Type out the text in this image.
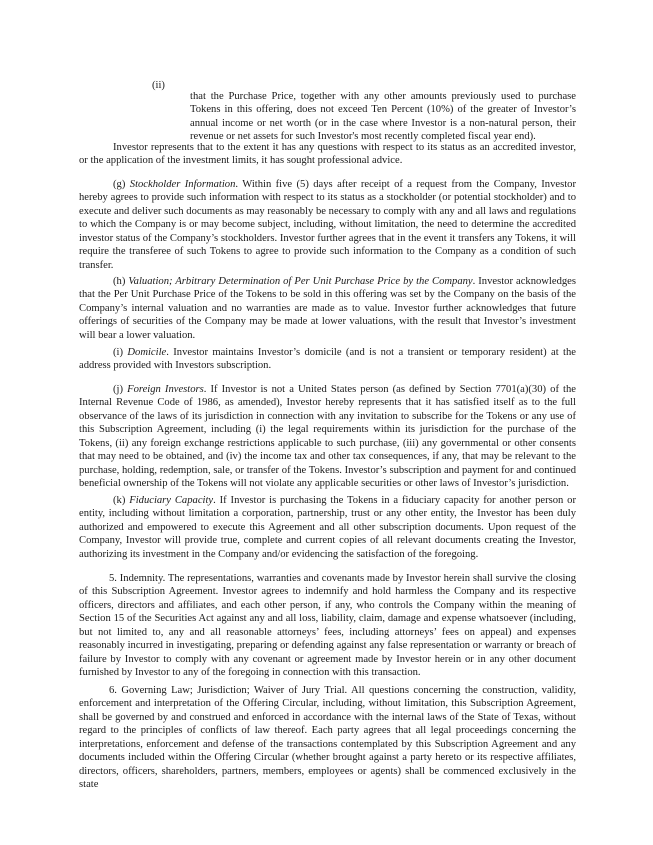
(ii)

that the Purchase Price, together with any other amounts previously used to purchase Tokens in this offering, does not exceed Ten Percent (10%) of the greater of Investor’s annual income or net worth (or in the case where Investor is a non-natural person, their revenue or net assets for such Investor's most recently completed fiscal year end).

Investor represents that to the extent it has any questions with respect to its status as an accredited investor, or the application of the investment limits, it has sought professional advice.

(g) Stockholder Information. Within five (5) days after receipt of a request from the Company, Investor hereby agrees to provide such information with respect to its status as a stockholder (or potential stockholder) and to execute and deliver such documents as may reasonably be necessary to comply with any and all laws and regulations to which the Company is or may become subject, including, without limitation, the need to determine the accredited investor status of the Company’s stockholders. Investor further agrees that in the event it transfers any Tokens, it will require the transferee of such Tokens to agree to provide such information to the Company as a condition of such transfer.

(h) Valuation; Arbitrary Determination of Per Unit Purchase Price by the Company. Investor acknowledges that the Per Unit Purchase Price of the Tokens to be sold in this offering was set by the Company on the basis of the Company’s internal valuation and no warranties are made as to value. Investor further acknowledges that future offerings of securities of the Company may be made at lower valuations, with the result that Investor’s investment will bear a lower valuation.

(i) Domicile. Investor maintains Investor’s domicile (and is not a transient or temporary resident) at the address provided with Investors subscription.

(j) Foreign Investors. If Investor is not a United States person (as defined by Section 7701(a)(30) of the Internal Revenue Code of 1986, as amended), Investor hereby represents that it has satisfied itself as to the full observance of the laws of its jurisdiction in connection with any invitation to subscribe for the Tokens or any use of this Subscription Agreement, including (i) the legal requirements within its jurisdiction for the purchase of the Tokens, (ii) any foreign exchange restrictions applicable to such purchase, (iii) any governmental or other consents that may need to be obtained, and (iv) the income tax and other tax consequences, if any, that may be relevant to the purchase, holding, redemption, sale, or transfer of the Tokens. Investor’s subscription and payment for and continued beneficial ownership of the Tokens will not violate any applicable securities or other laws of Investor’s jurisdiction.

(k) Fiduciary Capacity. If Investor is purchasing the Tokens in a fiduciary capacity for another person or entity, including without limitation a corporation, partnership, trust or any other entity, the Investor has been duly authorized and empowered to execute this Agreement and all other subscription documents. Upon request of the Company, Investor will provide true, complete and current copies of all relevant documents creating the Investor, authorizing its investment in the Company and/or evidencing the satisfaction of the foregoing.

5. Indemnity. The representations, warranties and covenants made by Investor herein shall survive the closing of this Subscription Agreement. Investor agrees to indemnify and hold harmless the Company and its respective officers, directors and affiliates, and each other person, if any, who controls the Company within the meaning of Section 15 of the Securities Act against any and all loss, liability, claim, damage and expense whatsoever (including, but not limited to, any and all reasonable attorneys’ fees, including attorneys’ fees on appeal) and expenses reasonably incurred in investigating, preparing or defending against any false representation or warranty or breach of failure by Investor to comply with any covenant or agreement made by Investor herein or in any other document furnished by Investor to any of the foregoing in connection with this transaction.

6. Governing Law; Jurisdiction; Waiver of Jury Trial. All questions concerning the construction, validity, enforcement and interpretation of the Offering Circular, including, without limitation, this Subscription Agreement, shall be governed by and construed and enforced in accordance with the internal laws of the State of Texas, without regard to the principles of conflicts of law thereof. Each party agrees that all legal proceedings concerning the interpretations, enforcement and defense of the transactions contemplated by this Subscription Agreement and any documents included within the Offering Circular (whether brought against a party hereto or its respective affiliates, directors, officers, shareholders, partners, members, employees or agents) shall be commenced exclusively in the state
